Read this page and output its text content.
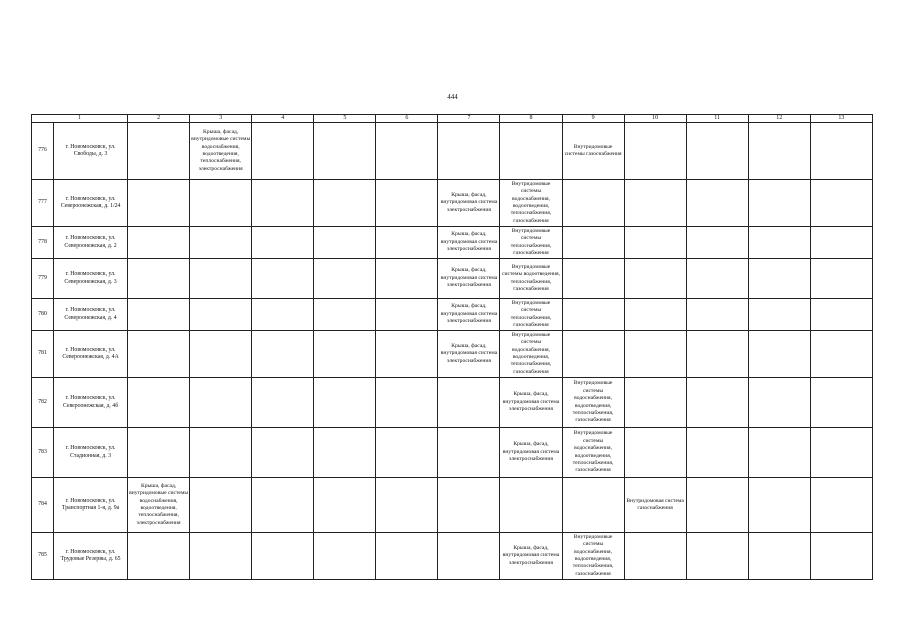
444
1		2	3	4	5	6	7	8	9	10	11	12	13
776	г. Новомосковск, ул. Свободы, д. 3		Крыша, фасад, внутридомовые системы водоснабжения, водоотведения, теплоснабжения, электроснабжения						Внутридомовые системы газоснабжения				
777	г. Новомосковск, ул. Североонежская, д. 1/24						Крыша, фасад, внутридомовая система электроснабжения	Внутридомовые системы водоснабжения, водоотведения, теплоснабжения, газоснабжения					
778	г. Новомосковск, ул. Североонежская, д. 2						Крыша, фасад, внутридомовая система электроснабжения	Внутридомовые системы теплоснабжения, газоснабжения					
779	г. Новомосковск, ул. Североонежская, д. 3						Крыша, фасад, внутридомовая система электроснабжения	Внутридомовые системы водоотведения, теплоснабжения, газоснабжения					
780	г. Новомосковск, ул. Североонежская, д. 4						Крыша, фасад, внутридомовая система электроснабжения	Внутридомовые системы теплоснабжения, газоснабжения					
781	г. Новомосковск, ул. Североонежская, д. 4А						Крыша, фасад, внутридомовая система электроснабжения	Внутридомовые системы водоснабжения, водоотведения, теплоснабжения, газоснабжения					
782	г. Новомосковск, ул. Североонежская, д. 4б							Крыша, фасад, внутридомовая система электроснабжения	Внутридомовые системы водоснабжения, водоотведения, теплоснабжения, газоснабжения				
783	г. Новомосковск, ул. Стадионная, д. 3							Крыша, фасад, внутридомовая система электроснабжения	Внутридомовые системы водоснабжения, водоотведения, теплоснабжения, газоснабжения				
784	г. Новомосковск, ул. Транспортная 1-я, д. 9а	Крыша, фасад, внутридомовые системы водоснабжения, водоотведения, теплоснабжения, электроснабжения								Внутридомовая система газоснабжения			
785	г. Новомосковск, ул. Трудовые Резервы, д. 65							Крыша, фасад, внутридомовая система электроснабжения	Внутридомовые системы водоснабжения, водоотведения, теплоснабжения, газоснабжения				
